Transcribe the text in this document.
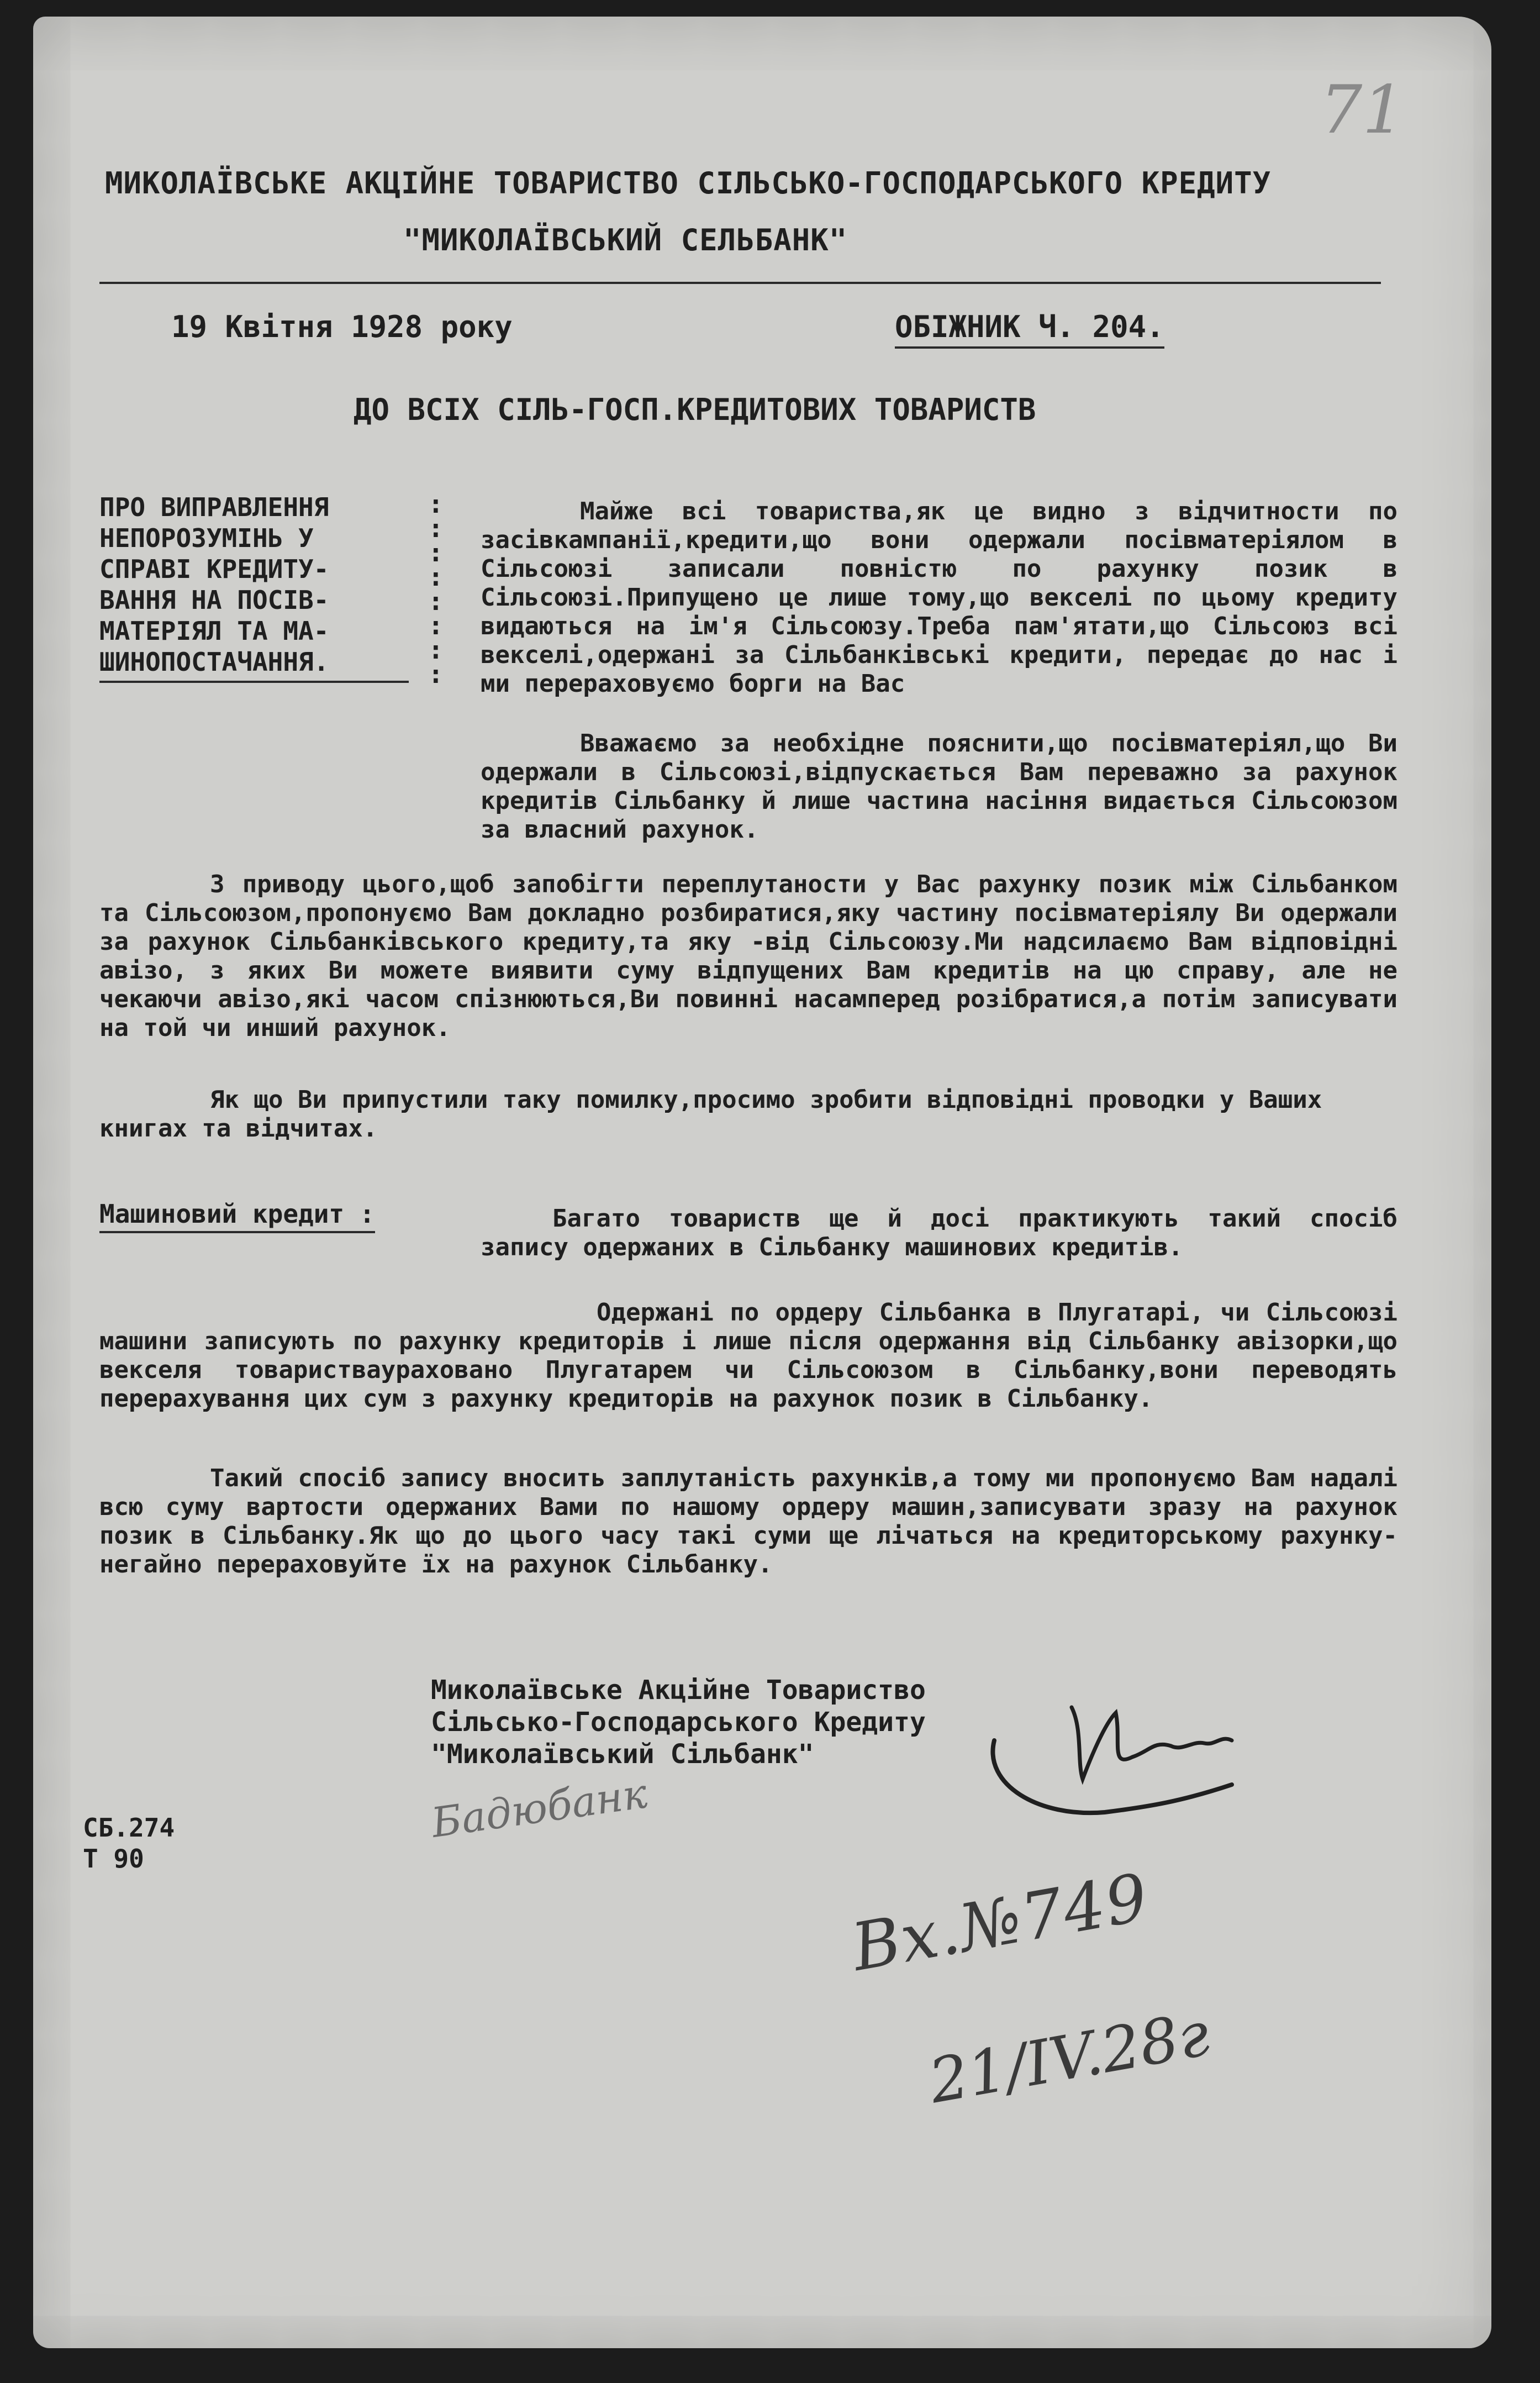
71
МИКОЛАЇВСЬКЕ АКЦІЙНЕ ТОВАРИСТВО СІЛЬСЬКО-ГОСПОДАРСЬКОГО КРЕДИТУ
"МИКОЛАЇВСЬКИЙ СЕЛЬБАНК"
19 Квітня 1928 року	ОБІЖНИК Ч. 204.
ДО ВСІХ СІЛЬ-ГОСП.КРЕДИТОВИХ ТОВАРИСТВ
ПРО ВИПРАВЛЕННЯ
НЕПОРОЗУМІНЬ У
СПРАВІ КРЕДИТУ-
ВАННЯ НА ПОСІВ-
МАТЕРІЯЛ ТА МА-
ШИНОПОСТАЧАННЯ.
:
:
:
:
:
:
:
:
Майже всі товариства,як це видно з відчитности по засівкампанії,кредити,що вони одержали посівматеріялом в Сільсоюзі записали повністю по рахунку позик в Сільсоюзі.Припущено це лише тому,що векселі по цьому кредиту видаються на ім'я Сільсоюзу.Треба пам'ятати,що Сільсоюз всі векселі,одержані за Сільбанківські кредити, передає до нас і ми перераховуємо борги на Вас
Вважаємо за необхідне пояснити,що посівматеріял,що Ви одержали в Сільсоюзі,відпускається Вам переважно за рахунок кредитів Сільбанку й лише частина насіння видається Сільсоюзом за власний рахунок.
З приводу цього,щоб запобігти переплутаности у Вас рахунку позик між Сільбанком та Сільсоюзом,пропонуємо Вам докладно розбиратися,яку частину посівматеріялу Ви одержали за рахунок Сільбанківського кредиту,та яку -від Сільсоюзу.Ми надсилаємо Вам відповідні авізо, з яких Ви можете виявити суму відпущених Вам кредитів на цю справу, але не чекаючи авізо,які часом спізнюються,Ви повинні насамперед розібратися,а потім записувати на той чи инший рахунок.
Як що Ви припустили таку помилку,просимо зробити відповідні проводки у Ваших книгах та відчитах.
Машиновий кредит :	Багато товариств ще й досі практикують такий спосіб запису одержаних в Сільбанку машинових кредитів.
Одержані по ордеру Сільбанка в Плугатарі, чи Сільсоюзі машини записують по рахунку кредиторів і лише після одержання від Сільбанку авізорки,що векселя товаристваураховано Плугатарем чи Сільсоюзом в Сільбанку,вони переводять перерахування цих сум з рахунку кредиторів на рахунок позик в Сільбанку.
Такий спосіб запису вносить заплутаність рахунків,а тому ми пропонуємо Вам надалі всю суму вартости одержаних Вами по нашому ордеру машин,записувати зразу на рахунок позик в Сільбанку.Як що до цього часу такі суми ще лічаться на кредиторському рахунку-негайно перераховуйте їх на рахунок Сільбанку.
Миколаївське Акційне Товариство
Сільсько-Господарського Кредиту
"Миколаївський Сільбанк"
СБ.274
Т 90
Бадюбанк
Вх.№749
21/IV.28г
